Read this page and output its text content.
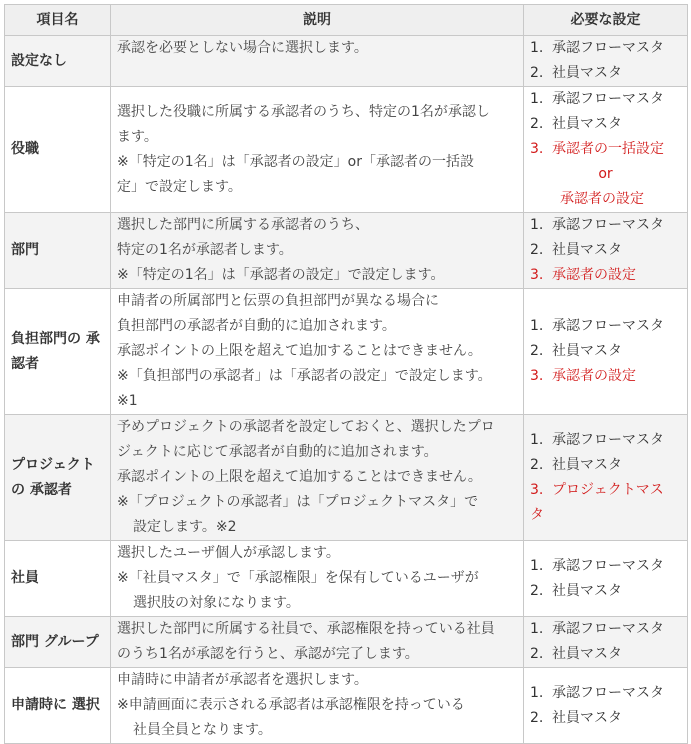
項目名	説明	必要な設定
設定なし	承認を必要としない場合に選択します。	1. 承認フローマスタ
2. 社員マスタ

役職	選択した役職に所属する承認者のうち、特定の1名が承認し
ます。
※「特定の1名」は「承認者の設定」or「承認者の一括設
定」で設定します。	1. 承認フローマスタ
2. 社員マスタ
3. 承認者の一括設定
or
承認者の設定

部門	選択した部門に所属する承認者のうち、
特定の1名が承認者します。
※「特定の1名」は「承認者の設定」で設定します。	1. 承認フローマスタ
2. 社員マスタ
3. 承認者の設定

負担部門の 承認者	申請者の所属部門と伝票の負担部門が異なる場合に
負担部門の承認者が自動的に追加されます。
承認ポイントの上限を超えて追加することはできません。
※「負担部門の承認者」は「承認者の設定」で設定します。
※1	1. 承認フローマスタ
2. 社員マスタ
3. 承認者の設定

プロジェクト の 承認者	予めプロジェクトの承認者を設定しておくと、選択したプロ
ジェクトに応じて承認者が自動的に追加されます。
承認ポイントの上限を超えて追加することはできません。
※「プロジェクトの承認者」は「プロジェクトマスタ」で
設定します。※2	1. 承認フローマスタ
2. 社員マスタ
3. プロジェクトマス
タ

社員	選択したユーザ個人が承認します。
※「社員マスタ」で「承認権限」を保有しているユーザが
選択肢の対象になります。	1. 承認フローマスタ
2. 社員マスタ

部門 グループ	選択した部門に所属する社員で、承認権限を持っている社員
のうち1名が承認を行うと、承認が完了します。	1. 承認フローマスタ
2. 社員マスタ

申請時に 選択	申請時に申請者が承認者を選択します。
※申請画面に表示される承認者は承認権限を持っている
社員全員となります。	1. 承認フローマスタ
2. 社員マスタ
